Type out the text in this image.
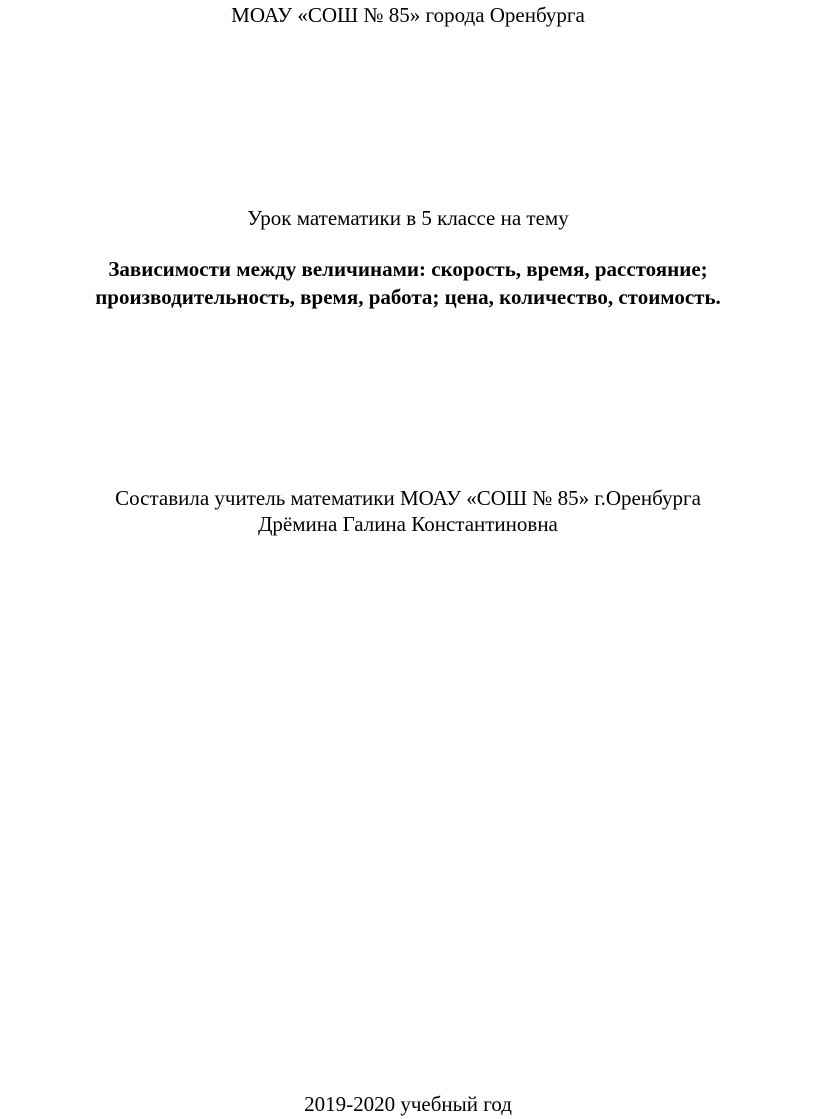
МОАУ «СОШ № 85» города Оренбурга
Урок математики в 5 классе на тему
Зависимости между величинами: скорость, время, расстояние;
производительность, время, работа; цена, количество, стоимость.
Составила учитель математики МОАУ «СОШ № 85» г.Оренбурга
Дрёмина Галина Константиновна
2019-2020 учебный год
